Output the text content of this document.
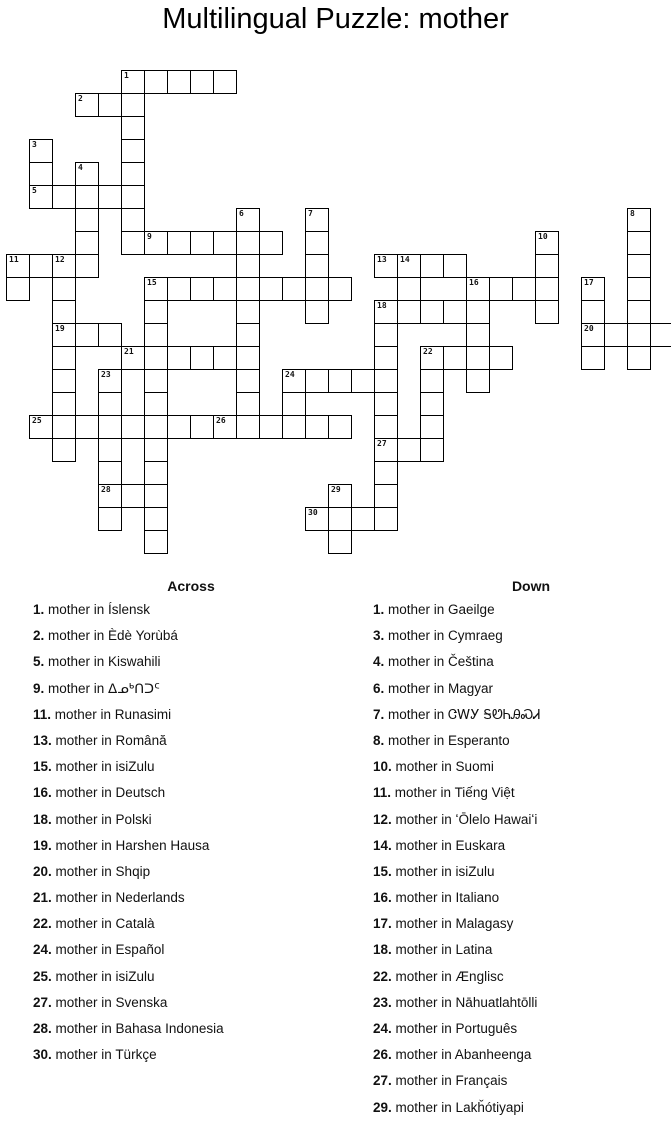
Multilingual Puzzle: mother
1
2
5
9
11	12	13 14
15	16
18
19	20
21	22
24
25	26
27
28
30
3
4
6	7	8
10
17
23
29
Across	Down
1. mother in Íslensk
2. mother in Èdè Yorùbá
5. mother in Kiswahili
9. mother in ᐃᓄᒃᑎᑐᑦ
11. mother in Runasimi
13. mother in Română
15. mother in isiZulu
16. mother in Deutsch
18. mother in Polski
19. mother in Harshen Hausa
20. mother in Shqip
21. mother in Nederlands
22. mother in Català
24. mother in Español
25. mother in isiZulu
27. mother in Svenska
28. mother in Bahasa Indonesia
30. mother in Türkçe
1. mother in Gaeilge
3. mother in Cymraeg
4. mother in Čeština
6. mother in Magyar
7. mother in ᏣᎳᎩ ᎦᏬᏂᎯᏍᏗ
8. mother in Esperanto
10. mother in Suomi
11. mother in Tiếng Việt
12. mother in ʻŌlelo Hawaiʻi
14. mother in Euskara
15. mother in isiZulu
16. mother in Italiano
17. mother in Malagasy
18. mother in Latina
22. mother in Ænglisc
23. mother in Nāhuatlahtōlli
24. mother in Português
26. mother in Abanheenga
27. mother in Français
29. mother in Lakȟótiyapi
